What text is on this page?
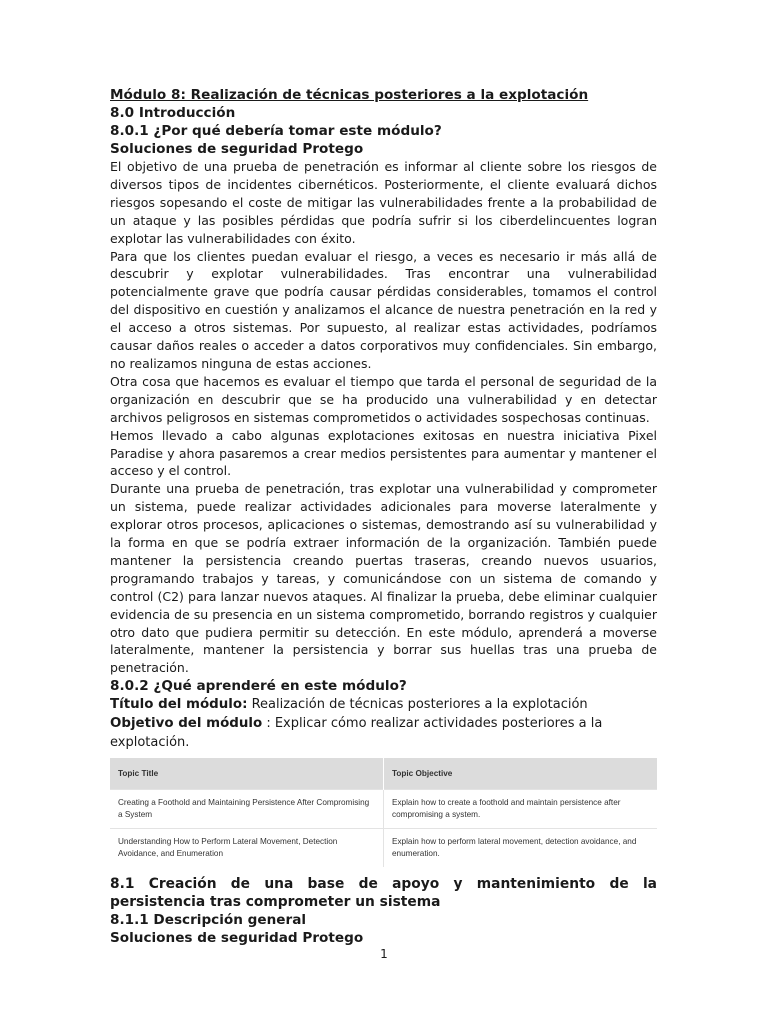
Módulo 8: Realización de técnicas posteriores a la explotación
8.0 Introducción
8.0.1 ¿Por qué debería tomar este módulo?
Soluciones de seguridad Protego

El objetivo de una prueba de penetración es informar al cliente sobre los riesgos de diversos tipos de incidentes cibernéticos. Posteriormente, el cliente evaluará dichos riesgos sopesando el coste de mitigar las vulnerabilidades frente a la probabilidad de un ataque y las posibles pérdidas que podría sufrir si los ciberdelincuentes logran explotar las vulnerabilidades con éxito.

Para que los clientes puedan evaluar el riesgo, a veces es necesario ir más allá de descubrir y explotar vulnerabilidades. Tras encontrar una vulnerabilidad potencialmente grave que podría causar pérdidas considerables, tomamos el control del dispositivo en cuestión y analizamos el alcance de nuestra penetración en la red y el acceso a otros sistemas. Por supuesto, al realizar estas actividades, podríamos causar daños reales o acceder a datos corporativos muy confidenciales. Sin embargo, no realizamos ninguna de estas acciones.

Otra cosa que hacemos es evaluar el tiempo que tarda el personal de seguridad de la organización en descubrir que se ha producido una vulnerabilidad y en detectar archivos peligrosos en sistemas comprometidos o actividades sospechosas continuas.

Hemos llevado a cabo algunas explotaciones exitosas en nuestra iniciativa Pixel Paradise y ahora pasaremos a crear medios persistentes para aumentar y mantener el acceso y el control.

Durante una prueba de penetración, tras explotar una vulnerabilidad y comprometer un sistema, puede realizar actividades adicionales para moverse lateralmente y explorar otros procesos, aplicaciones o sistemas, demostrando así su vulnerabilidad y la forma en que se podría extraer información de la organización. También puede mantener la persistencia creando puertas traseras, creando nuevos usuarios, programando trabajos y tareas, y comunicándose con un sistema de comando y control (C2) para lanzar nuevos ataques. Al finalizar la prueba, debe eliminar cualquier evidencia de su presencia en un sistema comprometido, borrando registros y cualquier otro dato que pudiera permitir su detección. En este módulo, aprenderá a moverse lateralmente, mantener la persistencia y borrar sus huellas tras una prueba de penetración.

8.0.2 ¿Qué aprenderé en este módulo?

Título del módulo: Realización de técnicas posteriores a la explotación

Objetivo del módulo : Explicar cómo realizar actividades posteriores a la explotación.

Topic Title	Topic Objective
Creating a Foothold and Maintaining Persistence After Compromising a System	Explain how to create a foothold and maintain persistence after compromising a system.
Understanding How to Perform Lateral Movement, Detection Avoidance, and Enumeration	Explain how to perform lateral movement, detection avoidance, and enumeration.
8.1 Creación de una base de apoyo y mantenimiento de la persistencia tras comprometer un sistema
8.1.1 Descripción general
Soluciones de seguridad Protego
1
